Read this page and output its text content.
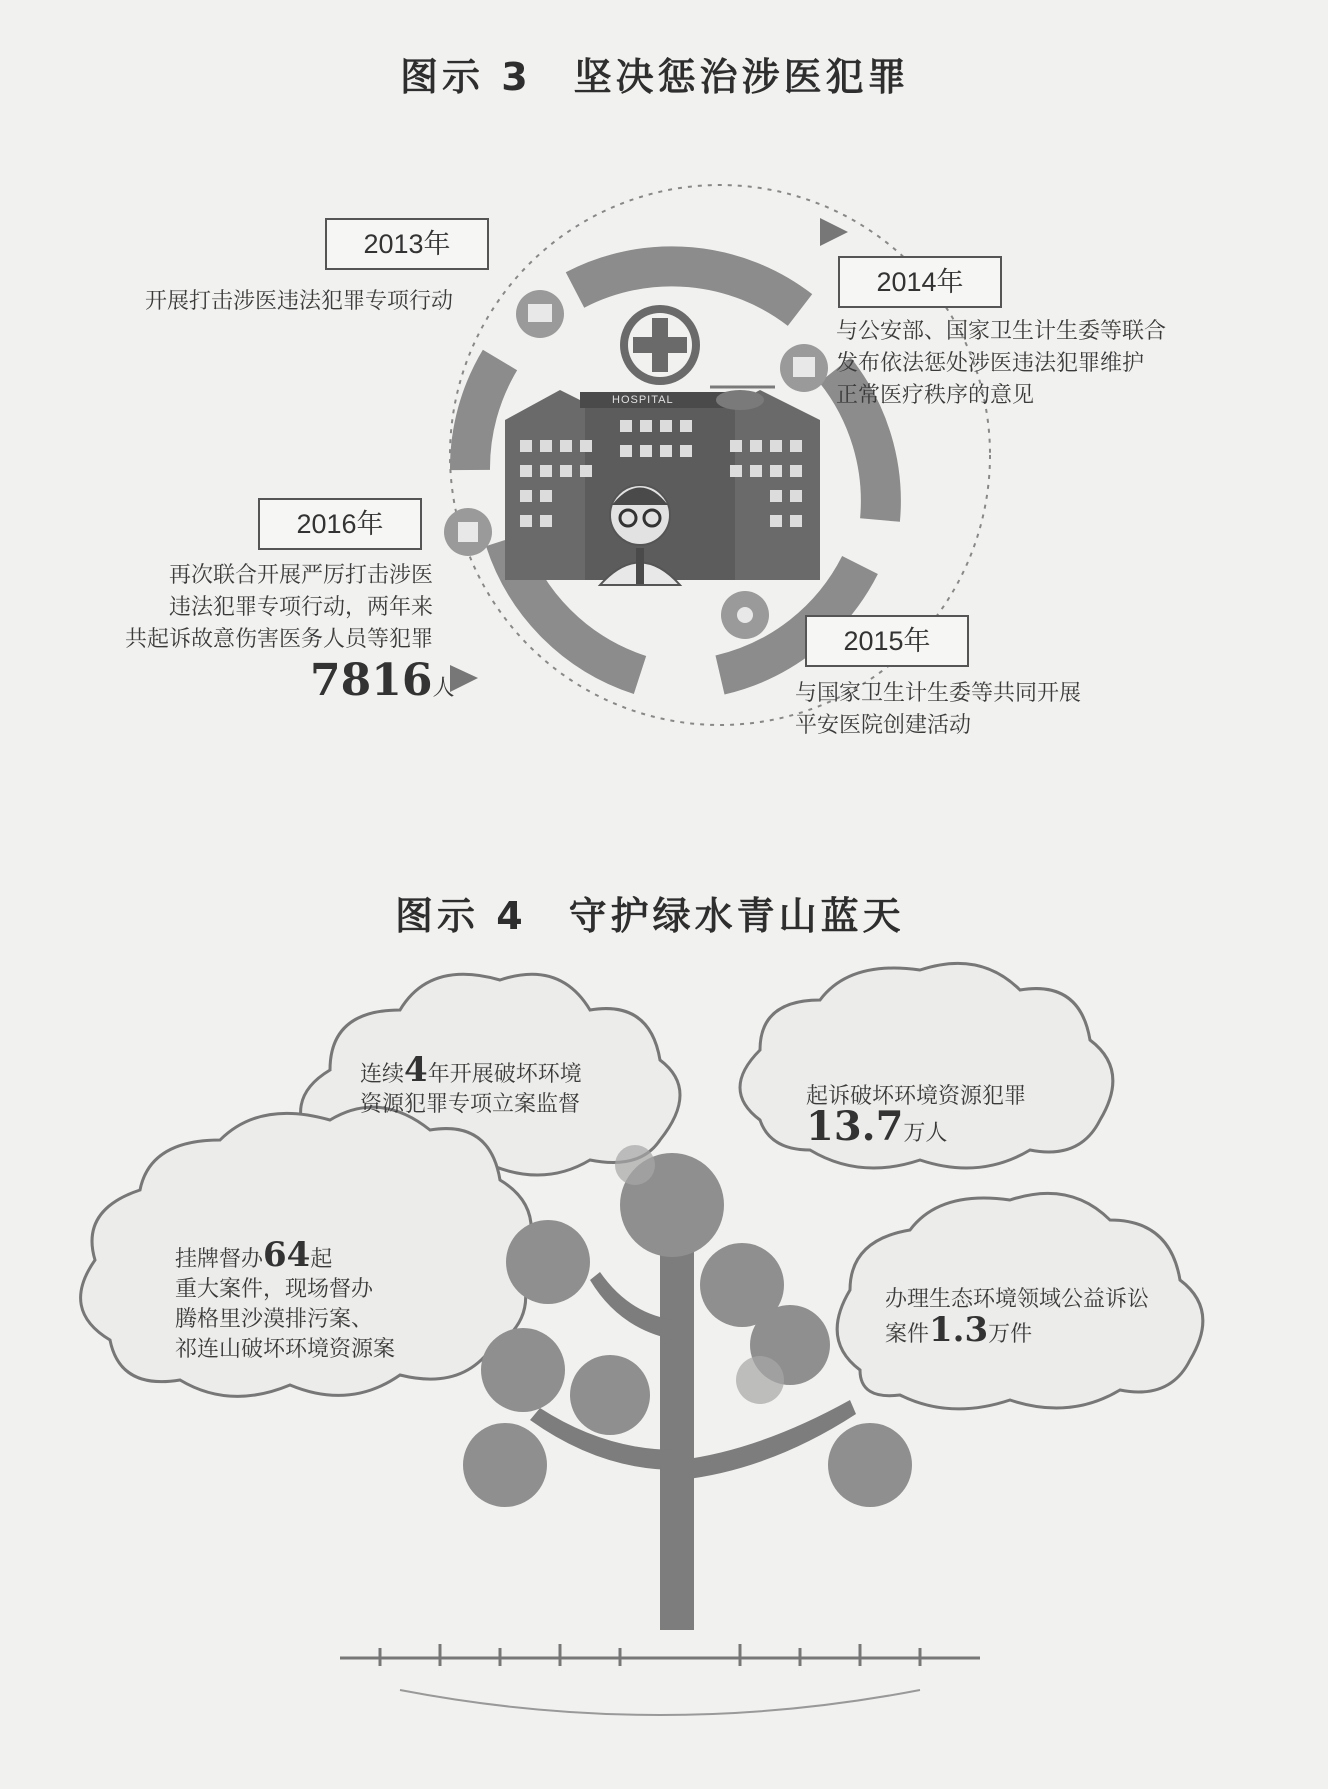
图示 3　坚决惩治涉医犯罪
HOSPITAL
2013年
开展打击涉医违法犯罪专项行动
2014年
与公安部、国家卫生计生委等联合
发布依法惩处涉医违法犯罪维护
正常医疗秩序的意见
2015年
与国家卫生计生委等共同开展
平安医院创建活动
2016年
再次联合开展严厉打击涉医
违法犯罪专项行动，两年来
共起诉故意伤害医务人员等犯罪
7816人
图示 4　守护绿水青山蓝天
连续4年开展破坏环境
资源犯罪专项立案监督	起诉破坏环境资源犯罪
13.7万人
挂牌督办64起
重大案件，现场督办
腾格里沙漠排污案、
祁连山破坏环境资源案
办理生态环境领域公益诉讼
案件1.3万件
